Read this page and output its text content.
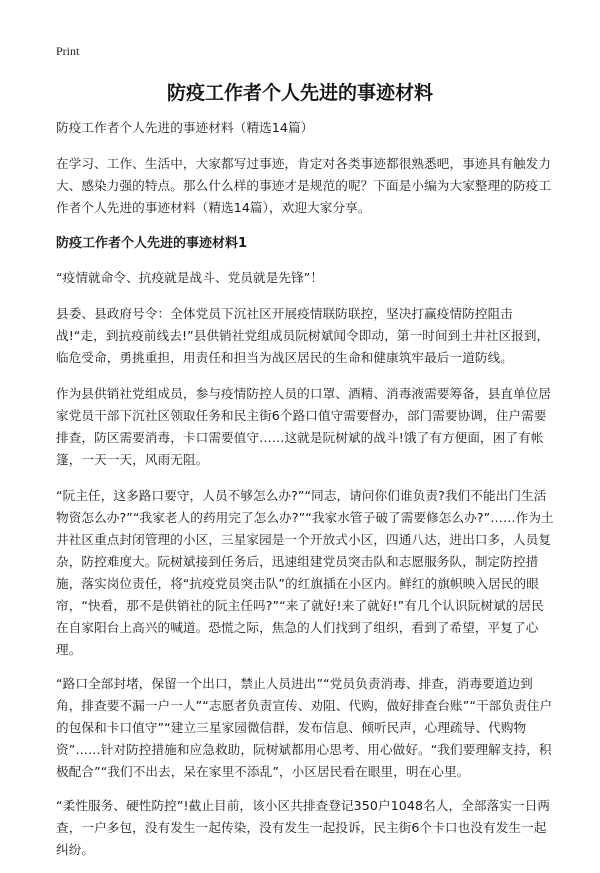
Print
防疫工作者个人先进的事迹材料

防疫工作者个人先进的事迹材料（精选14篇）

在学习、工作、生活中，大家都写过事迹，肯定对各类事迹都很熟悉吧，事迹具有触发力大、感染力强的特点。那么什么样的事迹才是规范的呢？下面是小编为大家整理的防疫工作者个人先进的事迹材料（精选14篇），欢迎大家分享。

防疫工作者个人先进的事迹材料1

“疫情就命令、抗疫就是战斗、党员就是先锋”！

县委、县政府号令：全体党员下沉社区开展疫情联防联控，坚决打赢疫情防控阻击战!“走，到抗疫前线去!”县供销社党组成员阮树斌闻令即动，第一时间到土井社区报到，临危受命，勇挑重担，用责任和担当为战区居民的生命和健康筑牢最后一道防线。

作为县供销社党组成员，参与疫情防控人员的口罩、酒精、消毒液需要筹备，县直单位居家党员干部下沉社区领取任务和民主街6个路口值守需要督办，部门需要协调，住户需要排查，防区需要消毒，卡口需要值守……这就是阮树斌的战斗!饿了有方便面，困了有帐篷，一天一天，风雨无阻。

“阮主任，这多路口要守，人员不够怎么办?”“同志，请问你们谁负责?我们不能出门生活物资怎么办?”“我家老人的药用完了怎么办?”“我家水管子破了需要修怎么办?”……作为土井社区重点封闭管理的小区，三星家园是一个开放式小区，四通八达，进出口多，人员复杂，防控难度大。阮树斌接到任务后，迅速组建党员突击队和志愿服务队，制定防控措施，落实岗位责任，将“抗疫党员突击队”的红旗插在小区内。鲜红的旗帜映入居民的眼帘，“快看，那不是供销社的阮主任吗?”“来了就好!来了就好!”有几个认识阮树斌的居民在自家阳台上高兴的喊道。恐慌之际，焦急的人们找到了组织，看到了希望，平复了心理。

“路口全部封堵，保留一个出口，禁止人员进出”“党员负责消毒、排查，消毒要道边到角，排查要不漏一户一人”“志愿者负责宣传、劝阻、代购，做好排查台账”“干部负责住户的包保和卡口值守”“建立三星家园微信群，发布信息、倾听民声，心理疏导、代购物资”……针对防控措施和应急救助，阮树斌都用心思考、用心做好。“我们要理解支持，积极配合”“我们不出去，呆在家里不添乱”，小区居民看在眼里，明在心里。

“柔性服务、硬性防控”!截止目前，该小区共排查登记350户1048名人，全部落实一日两查，一户多包，没有发生一起传染，没有发生一起投诉，民主街6个卡口也没有发生一起纠纷。
